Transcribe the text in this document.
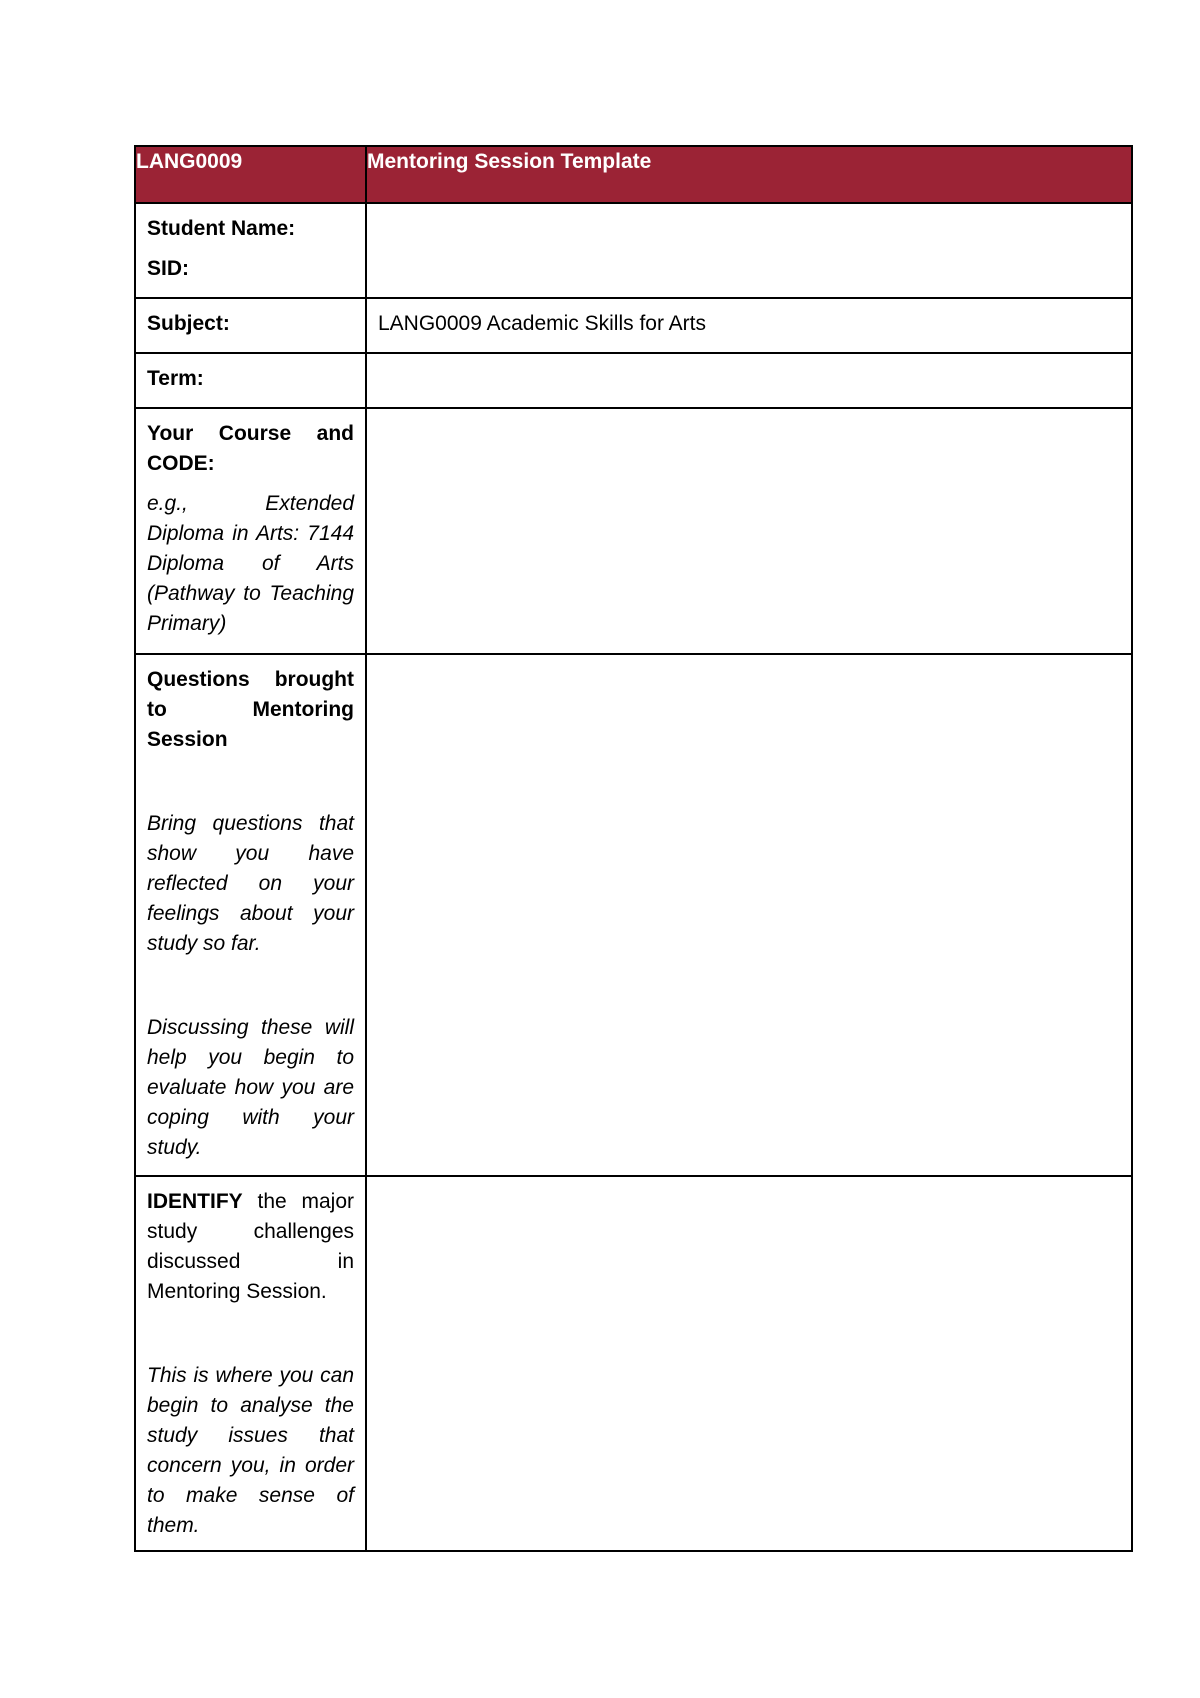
LANG0009	Mentoring Session Template

Student Name:
SID:	

Subject:	LANG0009 Academic Skills for Arts

Term:	

Your Course and CODE:
e.g., Extended Diploma in Arts: 7144 Diploma of Arts (Pathway to Teaching Primary)	

Questions brought to Mentoring Session
Bring questions that show you have reflected on your feelings about your study so far.
Discussing these will help you begin to evaluate how you are coping with your study.	

IDENTIFY the major study challenges discussed in Mentoring Session.
This is where you can begin to analyse the study issues that concern you, in order to make sense of them.	
